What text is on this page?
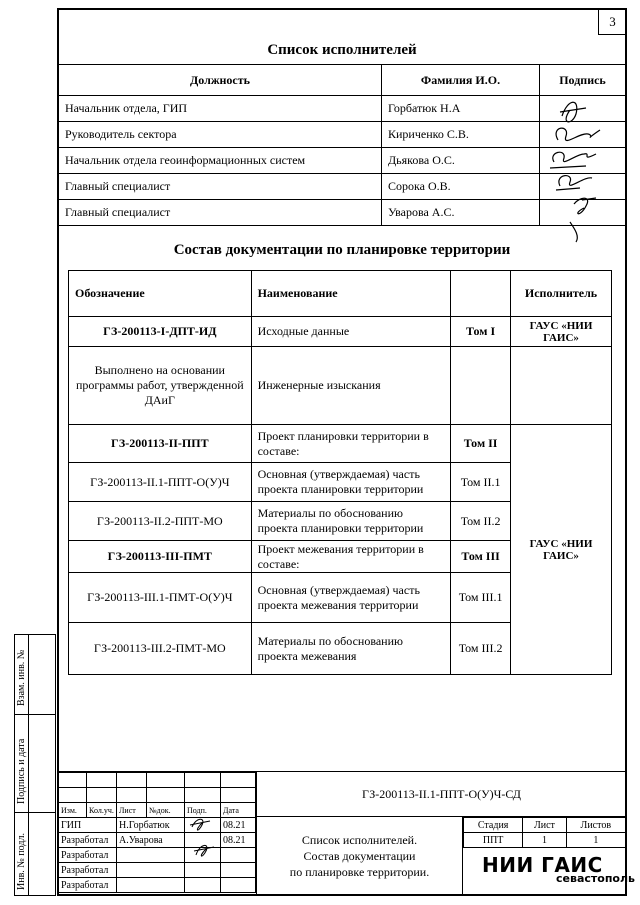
3
Список исполнителей
Должность	Фамилия И.О.	Подпись
Начальник отдела, ГИП	Горбатюк Н.А	
Руководитель сектора	Кириченко С.В.	
Начальник отдела геоинформационных систем	Дьякова О.С.	
Главный специалист	Сорока О.В.	
Главный специалист	Уварова А.С.	
Состав документации по планировке территории
Обозначение	Наименование		Исполнитель
ГЗ-200113-I-ДПТ-ИД	Исходные данные	Том I	ГАУС «НИИ ГАИС»
Выполнено на основании программы работ, утвержденной ДАиГ	Инженерные изыскания		
ГЗ-200113-II-ППТ	Проект планировки территории в составе:	Том II	ГАУС «НИИ ГАИС»
ГЗ-200113-II.1-ППТ-О(У)Ч	Основная (утверждаемая) часть проекта планировки территории	Том II.1	
ГЗ-200113-II.2-ППТ-МО	Материалы по обоснованию проекта планировки территории	Том II.2	
ГЗ-200113-III-ПМТ	Проект межевания территории в составе:	Том III	
ГЗ-200113-III.1-ПМТ-О(У)Ч	Основная (утверждаемая) часть проекта межевания территории	Том III.1	
ГЗ-200113-III.2-ПМТ-МО	Материалы по обоснованию проекта межевания	Том III.2	
Взам. инв. №
Подпись и дата
Инв. № подл.
ГЗ-200113-II.1-ППТ-О(У)Ч-СД

Изм.	Кол.уч.	Лист	№док.	Подп.	Дата
ГИП		Н.Горбатюк			08.21
Разработал		А.Уварова			08.21
Разработал					
Разработал					
Разработал					
Список исполнителей.
Состав документации
по планировке территории.
Стадия	Лист	Листов
ППТ	1	1
НИИ ГАИС
севастополь
